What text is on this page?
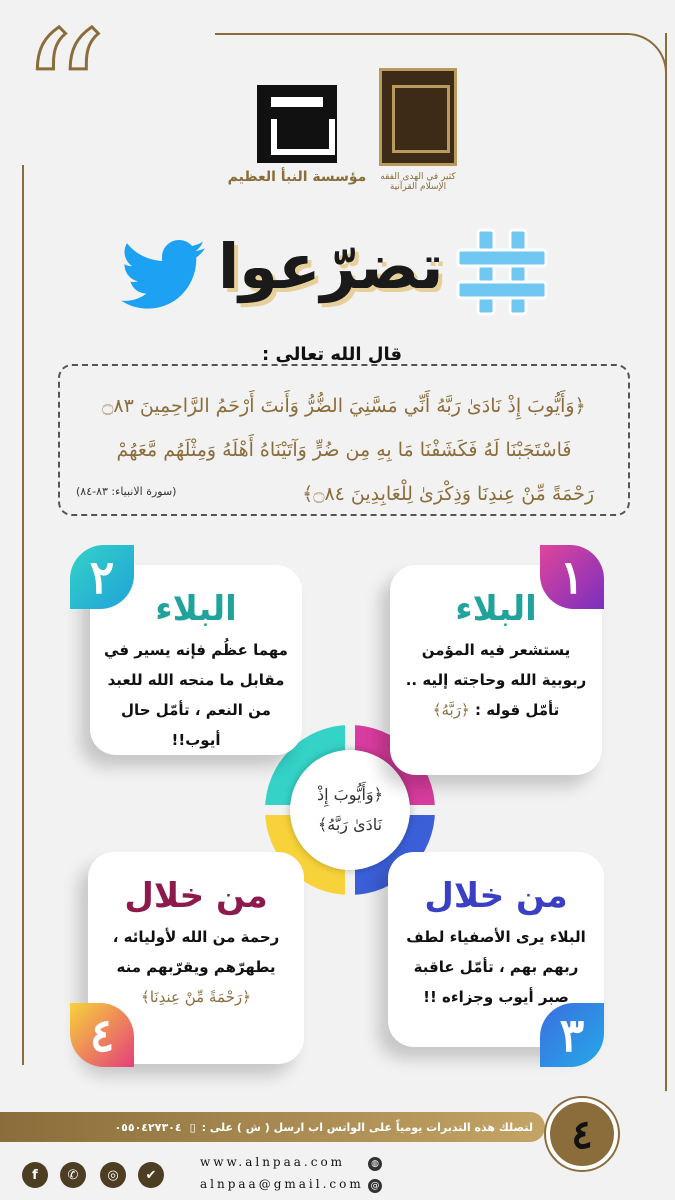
“	مؤسسة النبأ العظيم	كثير في الهدى الفقه الإسلام القرآنية
تضرّعوا
قال الله تعالى :
﴿وَأَيُّوبَ إِذْ نَادَىٰ رَبَّهُ أَنِّي مَسَّنِيَ الضُّرُّ وَأَنتَ أَرْحَمُ الرَّاحِمِينَ ۝٨٣
فَاسْتَجَبْنَا لَهُ فَكَشَفْنَا مَا بِهِ مِن ضُرٍّ وَآتَيْنَاهُ أَهْلَهُ وَمِثْلَهُم مَّعَهُمْ
رَحْمَةً مِّنْ عِندِنَا وَذِكْرَىٰ لِلْعَابِدِينَ ۝٨٤﴾
(سورة الانبياء: ٨٣-٨٤)
﴿وَأَيُّوبَ إِذْ نَادَىٰ رَبَّهُ﴾
البلاء
يستشعر فيه المؤمن ربوبية الله وحاجته إليه .. تأمّل قوله : ﴿رَبَّهُ﴾
١
البلاء
مهما عظُم فإنه يسير في مقابل ما منحه الله للعبد من النعم ، تأمّل حال أيوب!!
٢
من خلال
البلاء يرى الأصفياء لطف ربهم بهم ، تأمّل عاقبة صبر أيوب وجزاءه !!
٣
من خلال
رحمة من الله لأوليائه ، يطهرّهم ويقرّبهم منه
﴿رَحْمَةً مِّنْ عِندِنَا﴾
٤
لتصلك هذه التدبرات يومياً على الواتس اب ارسل ( ش ) على :
▯
٠٥٥٠٤٢٧٣٠٤	٤
f	✆	◎	✔
www.alnpaa.com	◍
alnpaa@gmail.com @
